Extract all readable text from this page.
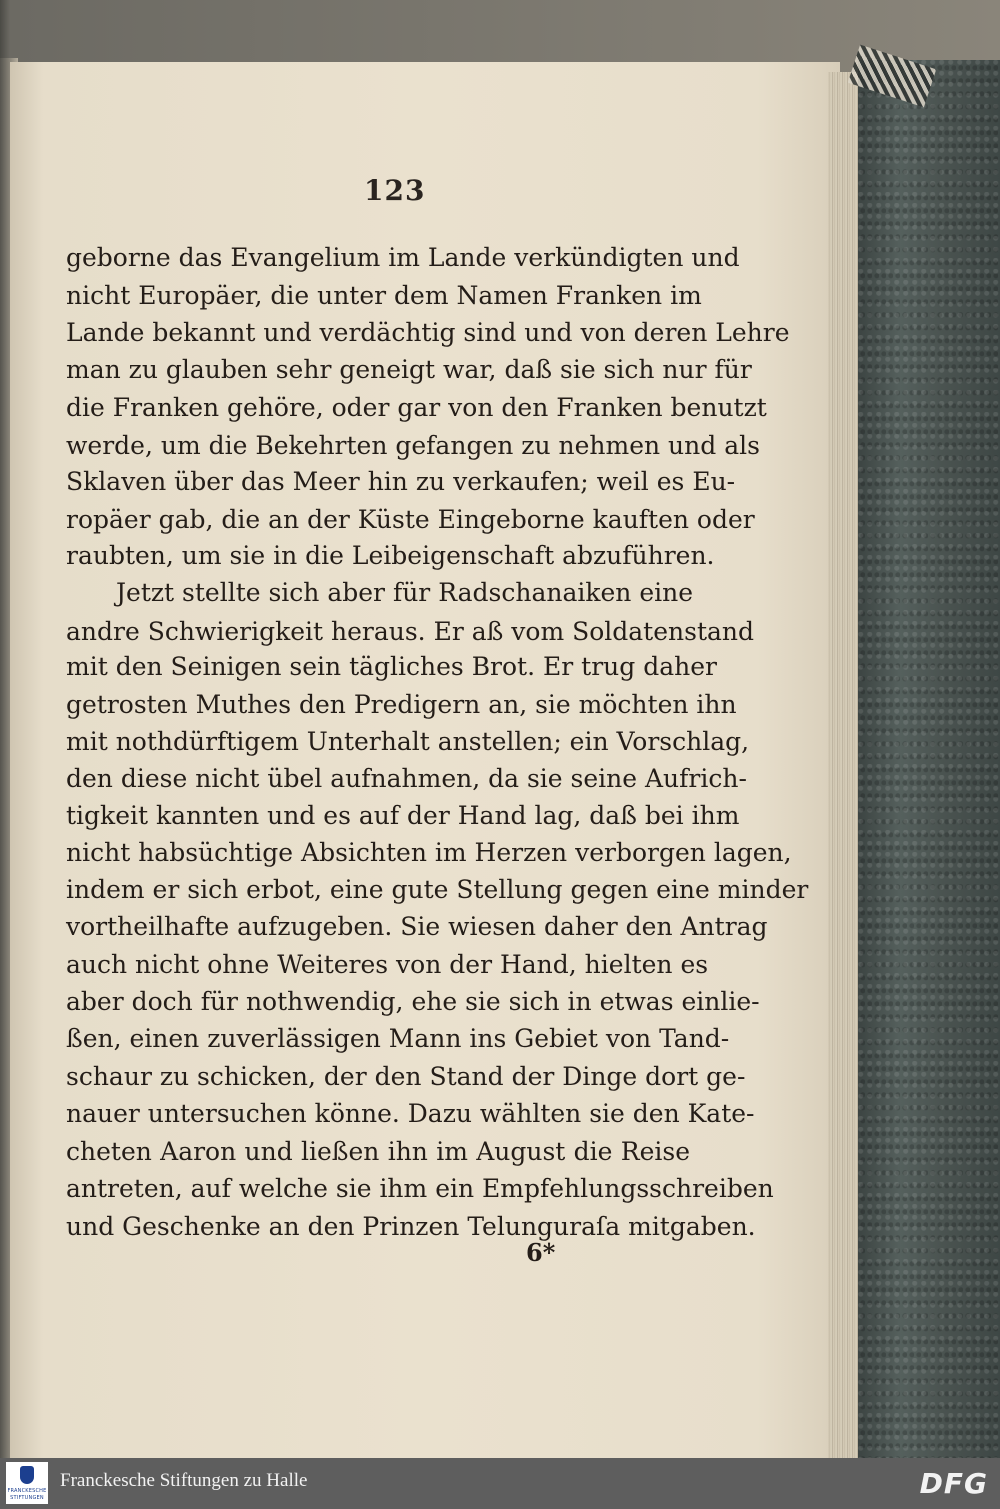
123
geborne das Evangelium im Lande verkündigten und
nicht Europäer, die unter dem Namen Franken im
Lande bekannt und verdächtig sind und von deren Lehre
man zu glauben sehr geneigt war, daß sie sich nur für
die Franken gehöre, oder gar von den Franken benutzt
werde, um die Bekehrten gefangen zu nehmen und als
Sklaven über das Meer hin zu verkaufen; weil es Eu-
ropäer gab, die an der Küste Eingeborne kauften oder
raubten, um sie in die Leibeigenschaft abzuführen.
Jetzt stellte sich aber für Radschanaiken eine
andre Schwierigkeit heraus. Er aß vom Soldatenstand
mit den Seinigen sein tägliches Brot. Er trug daher
getrosten Muthes den Predigern an, sie möchten ihn
mit nothdürftigem Unterhalt anstellen; ein Vorschlag,
den diese nicht übel aufnahmen, da sie seine Aufrich-
tigkeit kannten und es auf der Hand lag, daß bei ihm
nicht habsüchtige Absichten im Herzen verborgen lagen,
indem er sich erbot, eine gute Stellung gegen eine minder
vortheilhafte aufzugeben. Sie wiesen daher den Antrag
auch nicht ohne Weiteres von der Hand, hielten es
aber doch für nothwendig, ehe sie sich in etwas einlie-
ßen, einen zuverlässigen Mann ins Gebiet von Tand-
schaur zu schicken, der den Stand der Dinge dort ge-
nauer untersuchen könne. Dazu wählten sie den Kate-
cheten Aaron und ließen ihn im August die Reise
antreten, auf welche sie ihm ein Empfehlungsschreiben
und Geschenke an den Prinzen Telunguraſa mitgaben.
6*
FRANCKESCHE
STIFTUNGEN
Franckesche Stiftungen zu Halle	DFG
